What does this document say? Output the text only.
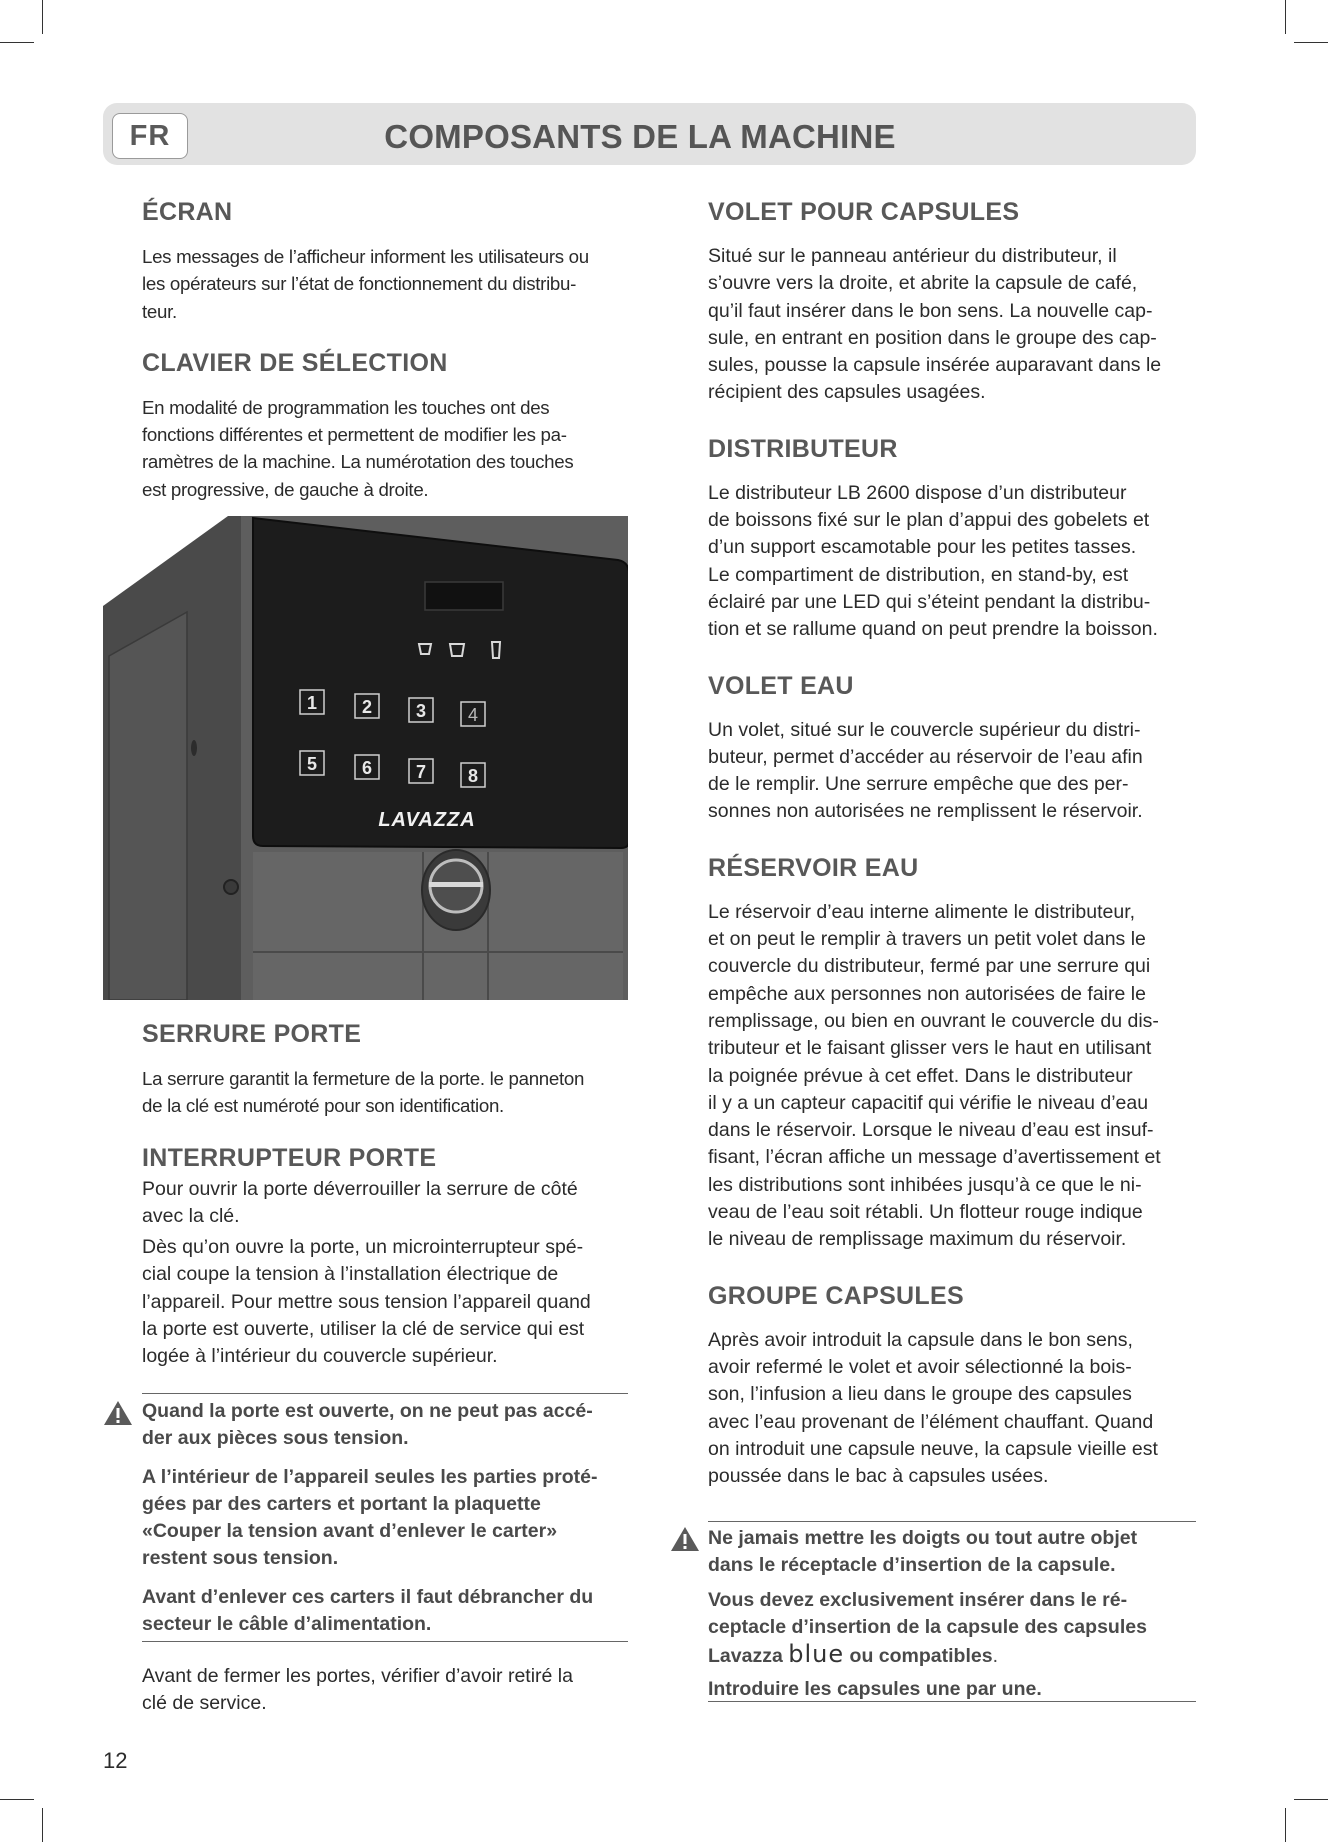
FR	COMPOSANTS DE LA MACHINE
ÉCRAN

Les messages de l’afficheur informent les utilisateurs ou
les opérateurs sur l’état de fonctionnement du distribu-
teur.

CLAVIER DE SÉLECTION

En modalité de programmation les touches ont des
fonctions différentes et permettent de modifier les pa-
ramètres de la machine. La numérotation des touches
est progressive, de gauche à droite.

1 2 3 4
5 6 7 8
LAVAZZA
SERRURE PORTE

La serrure garantit la fermeture de la porte. le panneton
de la clé est numéroté pour son identification.

INTERRUPTEUR PORTE

Pour ouvrir la porte déverrouiller la serrure de côté
avec la clé.

Dès qu’on ouvre la porte, un microinterrupteur spé-
cial coupe la tension à l’installation électrique de
l’appareil. Pour mettre sous tension l’appareil quand
la porte est ouverte, utiliser la clé de service qui est
logée à l’intérieur du couvercle supérieur.

Quand la porte est ouverte, on ne peut pas accé-
der aux pièces sous tension.

A l’intérieur de l’appareil seules les parties proté-
gées par des carters et portant la plaquette
«Couper la tension avant d’enlever le carter»
restent sous tension.

Avant d’enlever ces carters il faut débrancher du
secteur le câble d’alimentation.

Avant de fermer les portes, vérifier d’avoir retiré la
clé de service.

VOLET POUR CAPSULES

Situé sur le panneau antérieur du distributeur, il
s’ouvre vers la droite, et abrite la capsule de café,
qu’il faut insérer dans le bon sens. La nouvelle cap-
sule, en entrant en position dans le groupe des cap-
sules, pousse la capsule insérée auparavant dans le
récipient des capsules usagées.

DISTRIBUTEUR

Le distributeur LB 2600 dispose d’un distributeur
de boissons fixé sur le plan d’appui des gobelets et
d’un support escamotable pour les petites tasses.
Le compartiment de distribution, en stand-by, est
éclairé par une LED qui s’éteint pendant la distribu-
tion et se rallume quand on peut prendre la boisson.

VOLET EAU

Un volet, situé sur le couvercle supérieur du distri-
buteur, permet d’accéder au réservoir de l’eau afin
de le remplir. Une serrure empêche que des per-
sonnes non autorisées ne remplissent le réservoir.

RÉSERVOIR EAU

Le réservoir d’eau interne alimente le distributeur,
et on peut le remplir à travers un petit volet dans le
couvercle du distributeur, fermé par une serrure qui
empêche aux personnes non autorisées de faire le
remplissage, ou bien en ouvrant le couvercle du dis-
tributeur et le faisant glisser vers le haut en utilisant
la poignée prévue à cet effet. Dans le distributeur
il y a un capteur capacitif qui vérifie le niveau d’eau
dans le réservoir. Lorsque le niveau d’eau est insuf-
fisant, l’écran affiche un message d’avertissement et
les distributions sont inhibées jusqu’à ce que le ni-
veau de l’eau soit rétabli. Un flotteur rouge indique
le niveau de remplissage maximum du réservoir.

GROUPE CAPSULES

Après avoir introduit la capsule dans le bon sens,
avoir refermé le volet et avoir sélectionné la bois-
son, l’infusion a lieu dans le groupe des capsules
avec l’eau provenant de l’élément chauffant. Quand
on introduit une capsule neuve, la capsule vieille est
poussée dans le bac à capsules usées.

Ne jamais mettre les doigts ou tout autre objet
dans le réceptacle d’insertion de la capsule.

Vous devez exclusivement insérer dans le ré-
ceptacle d’insertion de la capsule des capsules
Lavazza blue ou compatibles.

Introduire les capsules une par une.

12
